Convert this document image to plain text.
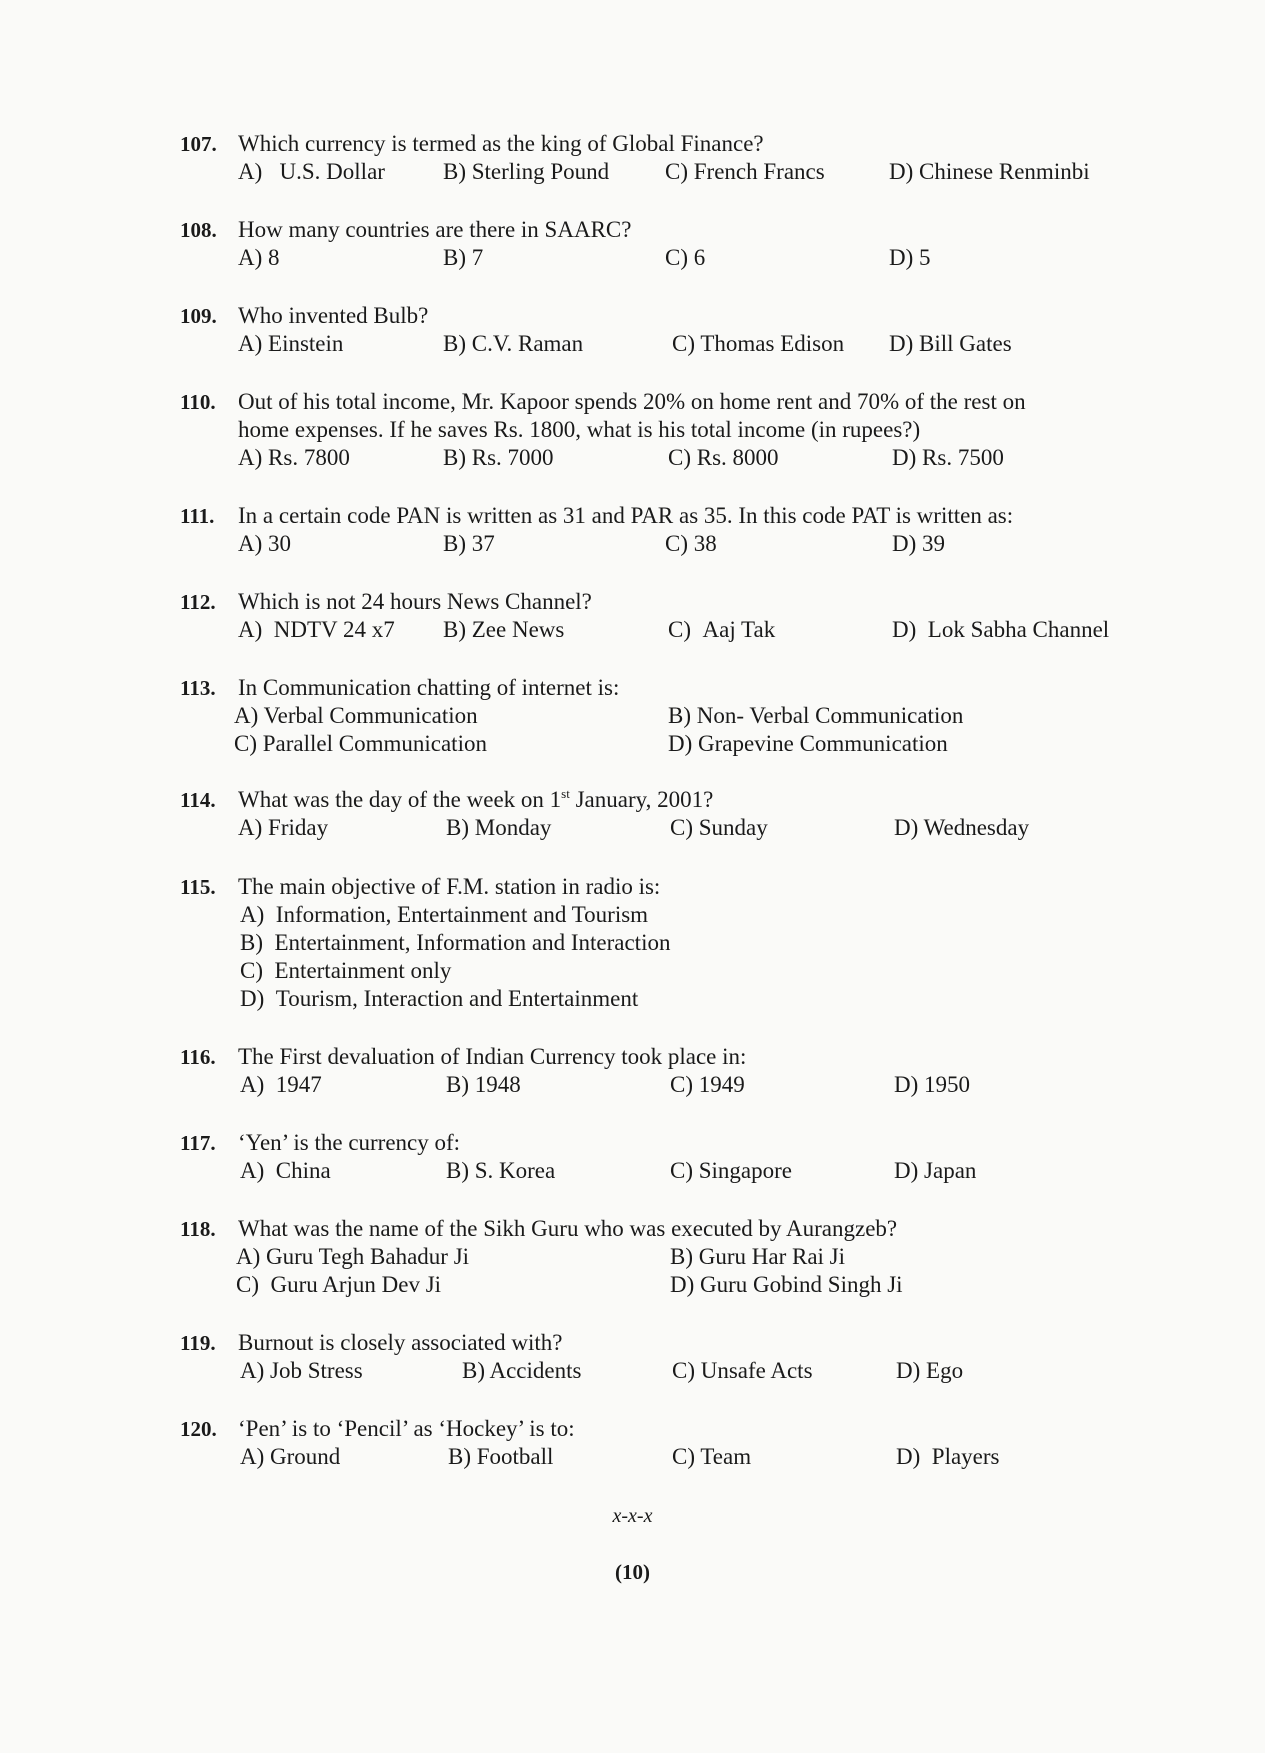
107. Which currency is termed as the king of Global Finance?
A) U.S. Dollar	B) Sterling Pound C) French Francs	D) Chinese Renminbi
108. How many countries are there in SAARC?
A) 8	B) 7	C) 6	D) 5
109. Who invented Bulb?
A) Einstein	B) C.V. Raman	C) Thomas Edison D) Bill Gates
110. Out of his total income, Mr. Kapoor spends 20% on home rent and 70% of the rest on
home expenses. If he saves Rs. 1800, what is his total income (in rupees?)
A) Rs. 7800	B) Rs. 7000	C) Rs. 8000	D) Rs. 7500
111. In a certain code PAN is written as 31 and PAR as 35. In this code PAT is written as:
A) 30	B) 37	C) 38	D) 39
112. Which is not 24 hours News Channel?
A) NDTV 24 x7 B) Zee News	C) Aaj Tak	D) Lok Sabha Channel
113. In Communication chatting of internet is:
A) Verbal Communication	B) Non- Verbal Communication
C) Parallel Communication	D) Grapevine Communication
114. What was the day of the week on 1st January, 2001?
A) Friday	B) Monday	C) Sunday	D) Wednesday
115. The main objective of F.M. station in radio is:
A) Information, Entertainment and Tourism
B) Entertainment, Information and Interaction
C) Entertainment only
D) Tourism, Interaction and Entertainment
116. The First devaluation of Indian Currency took place in:
A) 1947	B) 1948	C) 1949	D) 1950
117. ‘Yen’ is the currency of:
A) China	B) S. Korea	C) Singapore	D) Japan
118. What was the name of the Sikh Guru who was executed by Aurangzeb?
A) Guru Tegh Bahadur Ji	B) Guru Har Rai Ji
C) Guru Arjun Dev Ji	D) Guru Gobind Singh Ji
119. Burnout is closely associated with?
A) Job Stress	B) Accidents	C) Unsafe Acts	D) Ego
120. ‘Pen’ is to ‘Pencil’ as ‘Hockey’ is to:
A) Ground	B) Football	C) Team	D) Players
x-x-x
(10)
